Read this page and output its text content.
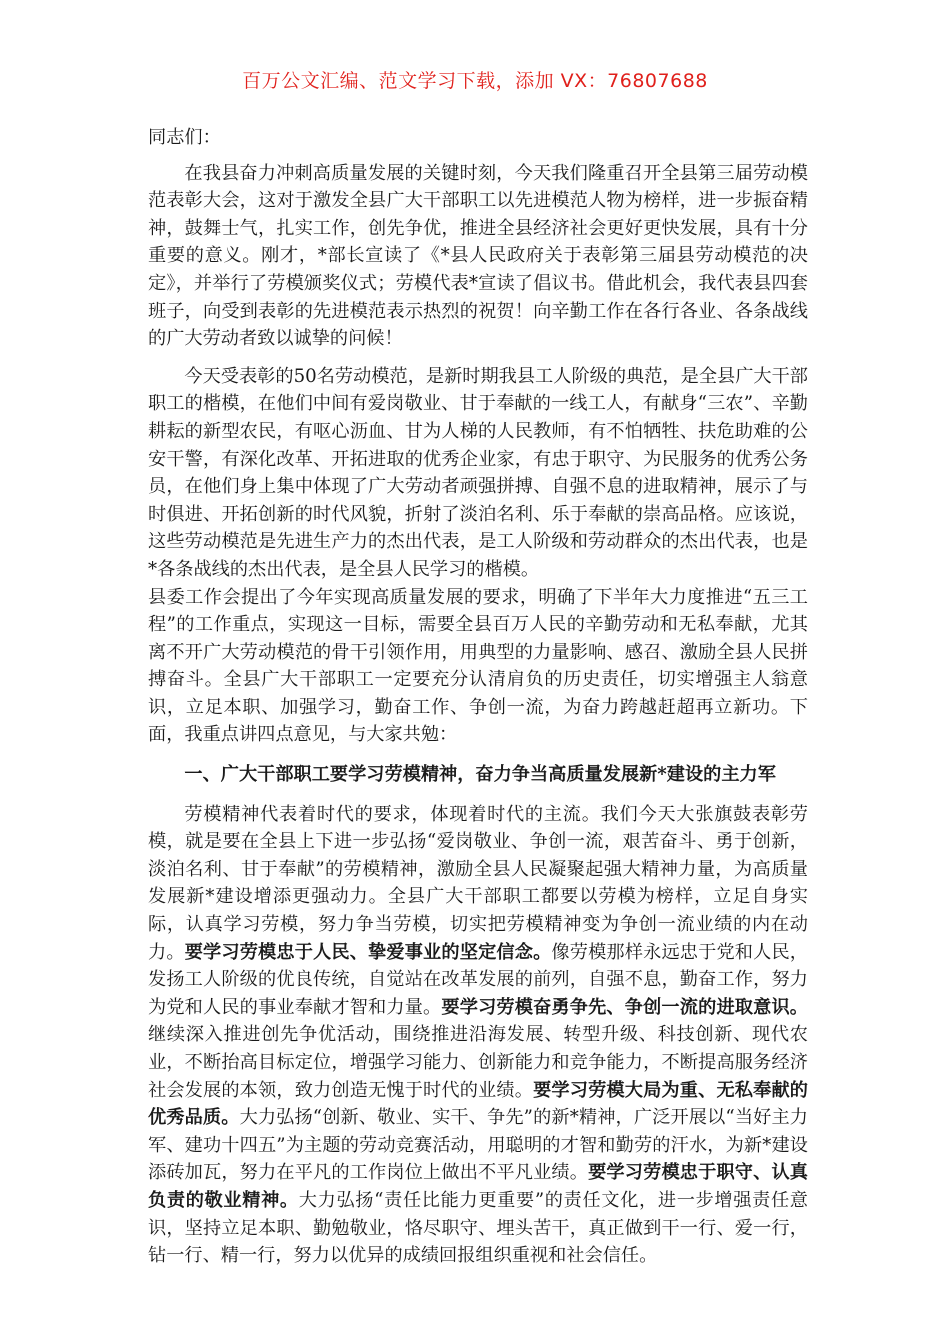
百万公文汇编、范文学习下载，添加 VX：76807688

同志们：

在我县奋力冲刺高质量发展的关键时刻，今天我们隆重召开全县第三届劳动模范表彰大会，这对于激发全县广大干部职工以先进模范人物为榜样，进一步振奋精神，鼓舞士气，扎实工作，创先争优，推进全县经济社会更好更快发展，具有十分重要的意义。刚才，*部长宣读了《*县人民政府关于表彰第三届县劳动模范的决定》，并举行了劳模颁奖仪式；劳模代表*宣读了倡议书。借此机会，我代表县四套班子，向受到表彰的先进模范表示热烈的祝贺！向辛勤工作在各行各业、各条战线的广大劳动者致以诚挚的问候！

今天受表彰的50名劳动模范，是新时期我县工人阶级的典范，是全县广大干部职工的楷模，在他们中间有爱岗敬业、甘于奉献的一线工人，有献身“三农”、辛勤耕耘的新型农民，有呕心沥血、甘为人梯的人民教师，有不怕牺牲、扶危助难的公安干警，有深化改革、开拓进取的优秀企业家，有忠于职守、为民服务的优秀公务员，在他们身上集中体现了广大劳动者顽强拼搏、自强不息的进取精神，展示了与时俱进、开拓创新的时代风貌，折射了淡泊名利、乐于奉献的崇高品格。应该说，这些劳动模范是先进生产力的杰出代表，是工人阶级和劳动群众的杰出代表，也是*各条战线的杰出代表，是全县人民学习的楷模。

县委工作会提出了今年实现高质量发展的要求，明确了下半年大力度推进“五三工程”的工作重点，实现这一目标，需要全县百万人民的辛勤劳动和无私奉献，尤其离不开广大劳动模范的骨干引领作用，用典型的力量影响、感召、激励全县人民拼搏奋斗。全县广大干部职工一定要充分认清肩负的历史责任，切实增强主人翁意识，立足本职、加强学习，勤奋工作、争创一流，为奋力跨越赶超再立新功。下面，我重点讲四点意见，与大家共勉：

一、广大干部职工要学习劳模精神，奋力争当高质量发展新*建设的主力军

劳模精神代表着时代的要求，体现着时代的主流。我们今天大张旗鼓表彰劳模，就是要在全县上下进一步弘扬“爱岗敬业、争创一流，艰苦奋斗、勇于创新，淡泊名利、甘于奉献”的劳模精神，激励全县人民凝聚起强大精神力量，为高质量发展新*建设增添更强动力。全县广大干部职工都要以劳模为榜样，立足自身实际，认真学习劳模，努力争当劳模，切实把劳模精神变为争创一流业绩的内在动力。要学习劳模忠于人民、挚爱事业的坚定信念。像劳模那样永远忠于党和人民，发扬工人阶级的优良传统，自觉站在改革发展的前列，自强不息，勤奋工作，努力为党和人民的事业奉献才智和力量。要学习劳模奋勇争先、争创一流的进取意识。继续深入推进创先争优活动，围绕推进沿海发展、转型升级、科技创新、现代农业，不断抬高目标定位，增强学习能力、创新能力和竞争能力，不断提高服务经济社会发展的本领，致力创造无愧于时代的业绩。要学习劳模大局为重、无私奉献的优秀品质。大力弘扬“创新、敬业、实干、争先”的新*精神，广泛开展以“当好主力军、建功十四五”为主题的劳动竞赛活动，用聪明的才智和勤劳的汗水，为新*建设添砖加瓦，努力在平凡的工作岗位上做出不平凡业绩。要学习劳模忠于职守、认真负责的敬业精神。大力弘扬“责任比能力更重要”的责任文化，进一步增强责任意识，坚持立足本职、勤勉敬业，恪尽职守、埋头苦干，真正做到干一行、爱一行，钻一行、精一行，努力以优异的成绩回报组织重视和社会信任。
